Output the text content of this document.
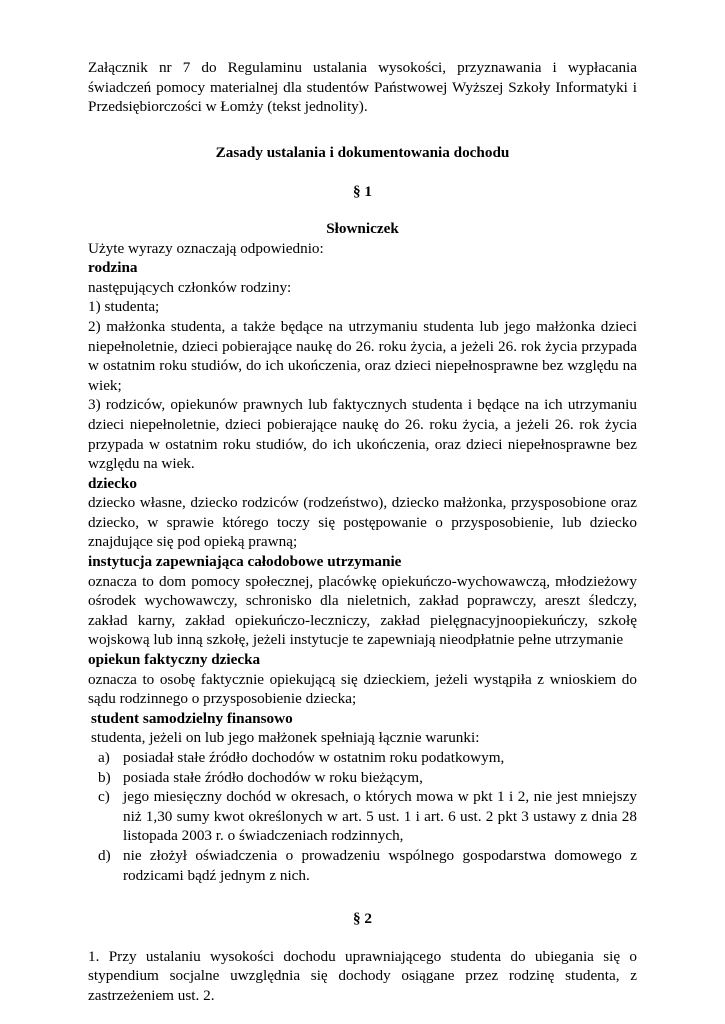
Załącznik nr 7 do Regulaminu ustalania wysokości, przyznawania i wypłacania świadczeń pomocy materialnej dla studentów Państwowej Wyższej Szkoły Informatyki i Przedsiębiorczości w Łomży (tekst jednolity).

Zasady ustalania i dokumentowania dochodu

§ 1

Słowniczek

Użyte wyrazy oznaczają odpowiednio:

rodzina

następujących członków rodziny:

1) studenta;

2) małżonka studenta, a także będące na utrzymaniu studenta lub jego małżonka dzieci niepełnoletnie, dzieci pobierające naukę do 26. roku życia, a jeżeli 26. rok życia przypada w ostatnim roku studiów, do ich ukończenia, oraz dzieci niepełnosprawne bez względu na wiek;

3) rodziców, opiekunów prawnych lub faktycznych studenta i będące na ich utrzymaniu dzieci niepełnoletnie, dzieci pobierające naukę do 26. roku życia, a jeżeli 26. rok życia przypada w ostatnim roku studiów, do ich ukończenia, oraz dzieci niepełnosprawne bez względu na wiek.

dziecko

dziecko własne, dziecko rodziców (rodzeństwo), dziecko małżonka, przysposobione oraz dziecko, w sprawie którego toczy się postępowanie o przysposobienie, lub dziecko znajdujące się pod opieką prawną;

instytucja zapewniająca całodobowe utrzymanie

oznacza to dom pomocy społecznej, placówkę opiekuńczo-wychowawczą, młodzieżowy ośrodek wychowawczy, schronisko dla nieletnich, zakład poprawczy, areszt śledczy, zakład karny, zakład opiekuńczo-leczniczy, zakład pielęgnacyjnoopiekuńczy, szkołę wojskową lub inną szkołę, jeżeli instytucje te zapewniają nieodpłatnie pełne utrzymanie

opiekun faktyczny dziecka

oznacza to osobę faktycznie opiekującą się dzieckiem, jeżeli wystąpiła z wnioskiem do sądu rodzinnego o przysposobienie dziecka;

student samodzielny finansowo

studenta, jeżeli on lub jego małżonek spełniają łącznie warunki:

a) posiadał stałe źródło dochodów w ostatnim roku podatkowym,
b) posiada stałe źródło dochodów w roku bieżącym,
c) jego miesięczny dochód w okresach, o których mowa w pkt 1 i 2, nie jest mniejszy niż 1,30 sumy kwot określonych w art. 5 ust. 1 i art. 6 ust. 2 pkt 3 ustawy z dnia 28 listopada 2003 r. o świadczeniach rodzinnych,
d) nie złożył oświadczenia o prowadzeniu wspólnego gospodarstwa domowego z rodzicami bądź jednym z nich.

§ 2

1. Przy ustalaniu wysokości dochodu uprawniającego studenta do ubiegania się o stypendium socjalne uwzględnia się dochody osiągane przez rodzinę studenta, z zastrzeżeniem ust. 2.
